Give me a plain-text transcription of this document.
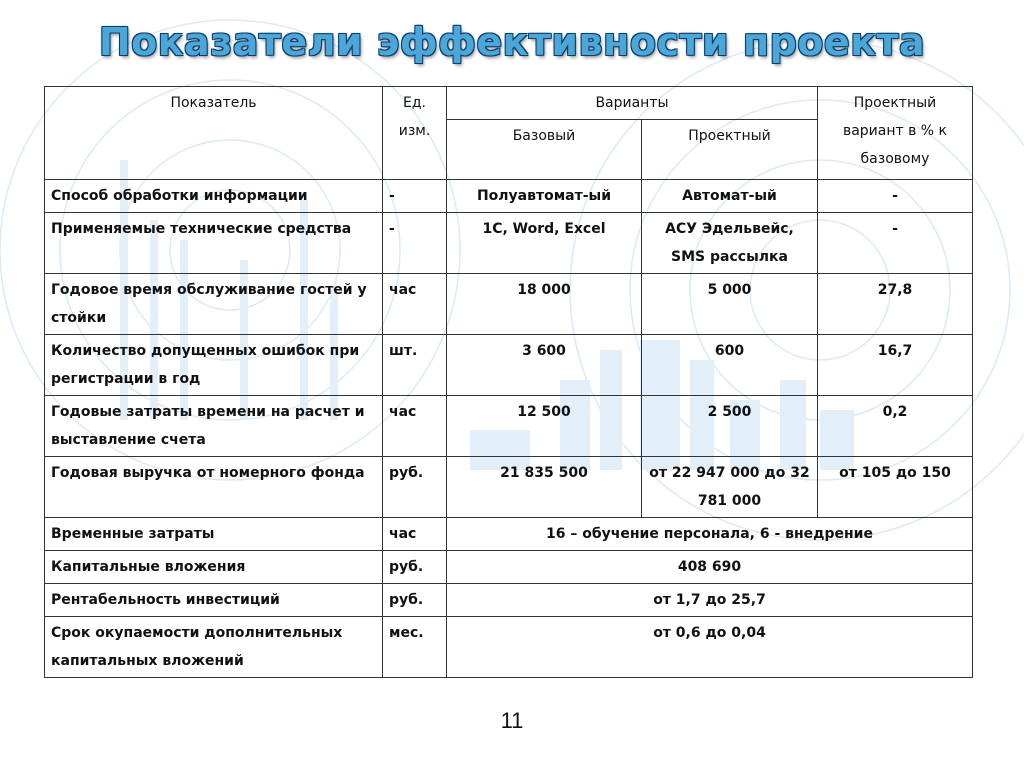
Показатели эффективности проекта
Показатель	Ед. изм.	Варианты		Проектный вариант в % к базовому
		Базовый	Проектный	
Способ обработки информации	-	Полуавтомат-ый	Автомат-ый	-
Применяемые технические средства	-	1С, Word, Excel	АСУ Эдельвейс, SMS рассылка	-
Годовое время обслуживание гостей у стойки	час	18 000	5 000	27,8
Количество допущенных ошибок при регистрации в год	шт.	3 600	600	16,7
Годовые затраты времени на расчет и выставление счета	час	12 500	2 500	0,2
Годовая выручка от номерного фонда	руб.	21 835 500	от 22 947 000 до 32 781 000	от 105 до 150
Временные затраты	час	16 – обучение персонала, 6 - внедрение		
Капитальные вложения	руб.	408 690		
Рентабельность инвестиций	руб.	от 1,7 до 25,7		
Срок окупаемости дополнительных капитальных вложений	мес.	от 0,6 до 0,04		
11
